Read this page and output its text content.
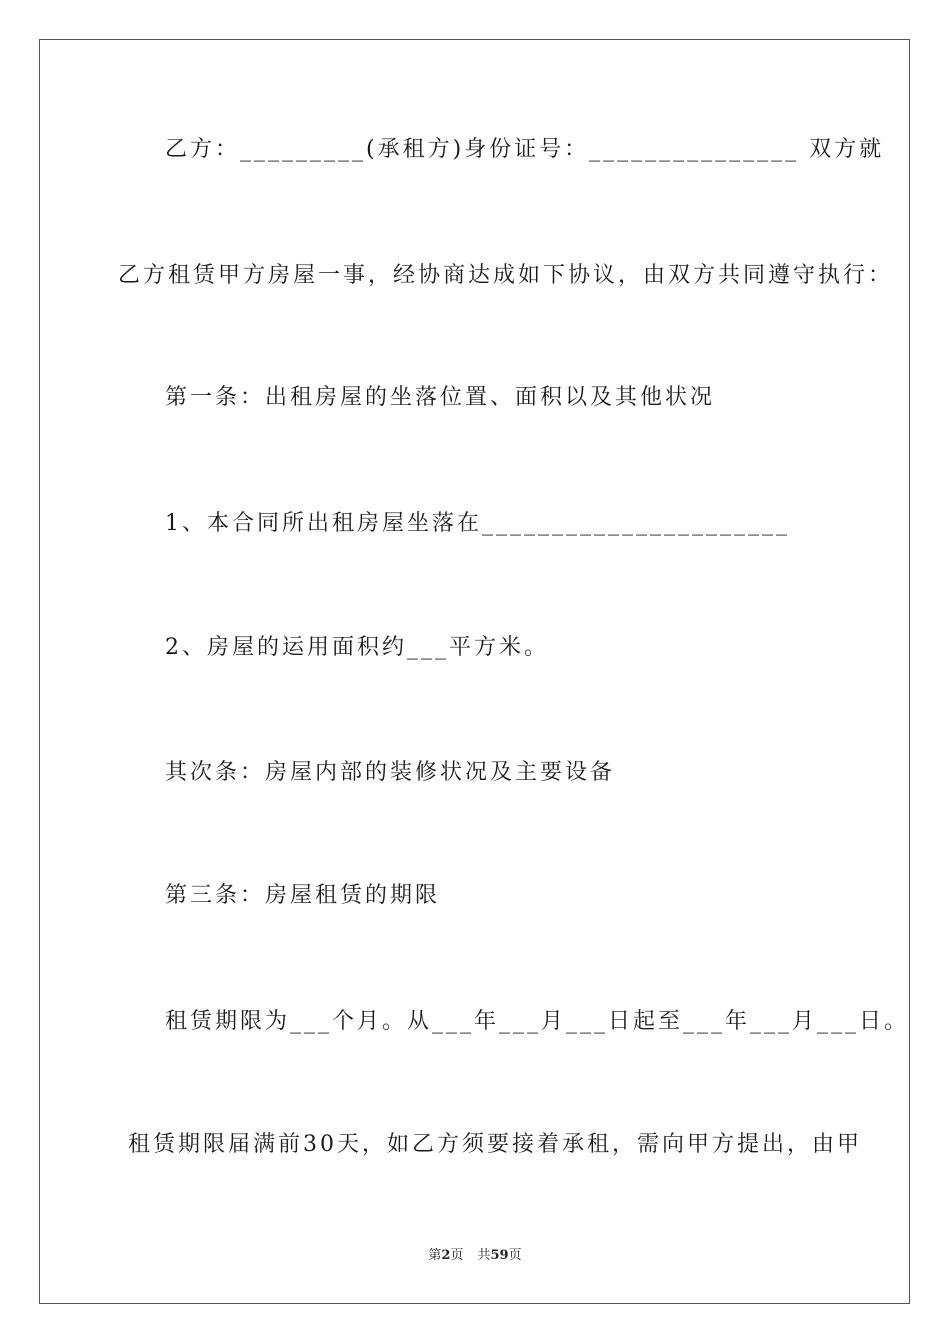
乙方：_________(承租方)身份证号：_______________ 双方就
乙方租赁甲方房屋一事，经协商达成如下协议，由双方共同遵守执行：
第一条：出租房屋的坐落位置、面积以及其他状况
1、本合同所出租房屋坐落在______________________
2、房屋的运用面积约___平方米。
其次条：房屋内部的装修状况及主要设备
第三条：房屋租赁的期限
租赁期限为___个月。从___年___月___日起至___年___月___日。
租赁期限届满前30天，如乙方须要接着承租，需向甲方提出，由甲
第2页 共59页
